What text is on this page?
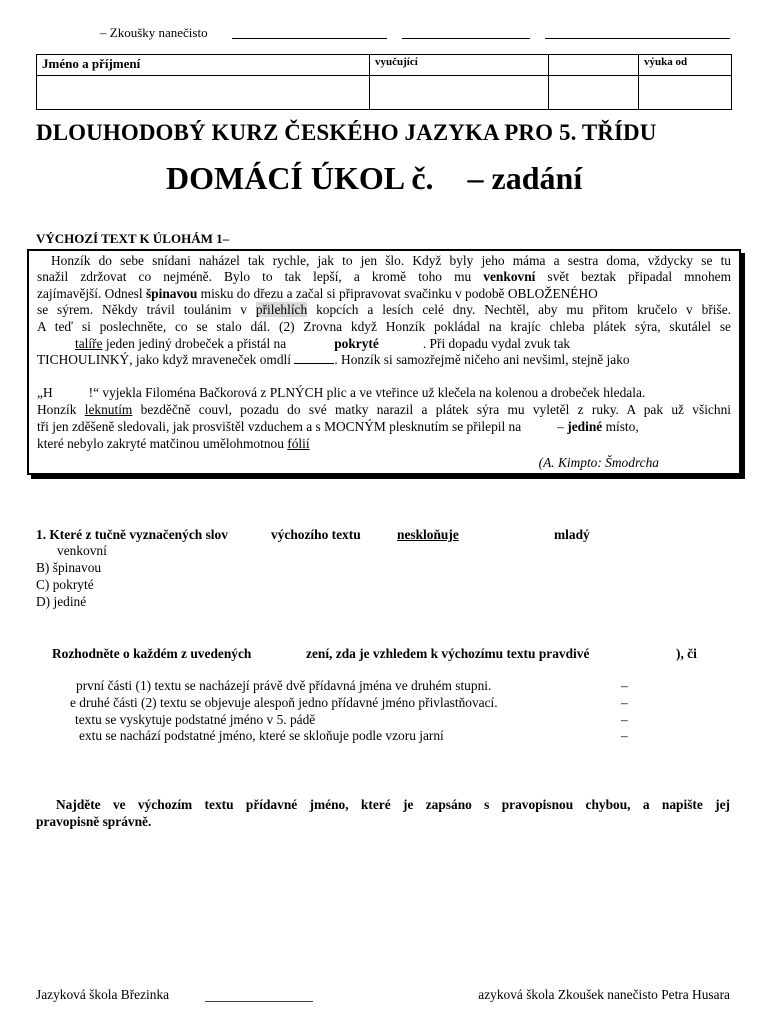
– Zkoušky nanečisto
Jméno a příjmení	vyučující		výuka od

DLOUHODOBÝ KURZ ČESKÉHO JAZYKA PRO 5. TŘÍDU
DOMÁCÍ ÚKOL č. – zadání
VÝCHOZÍ TEXT K ÚLOHÁM 1–
Honzík do sebe snídani naházel tak rychle, jak to jen šlo. Když byly jeho máma a sestra doma, vždycky se tu
snažil zdržovat co nejméně. Bylo to tak lepší, a kromě toho mu venkovní svět beztak připadal mnohem
zajímavější. Odnesl špinavou misku do dřezu a začal si připravovat svačinku v podobě OBLOŽENÉHO
se sýrem. Někdy trávil toulánim v přilehlích kopcích a lesích celé dny. Nechtěl, aby mu přitom kručelo v břiše.
A teď si poslechněte, co se stalo dál. (2) Zrovna když Honzík pokládal na krajíc chleba plátek sýra, skutálel se
talíře jeden jediný drobeček a přistál na	pokryté	. Při dopadu vydal zvuk tak
TICHOULINKÝ, jako když mravenеček omdlí	. Honzík si samozřejmě ničeho ani nevšiml, stejně jako
„H	!“ vyjekla Filoména Bačkorová z PLNÝCH plic a ve vteřince už klečela na kolenou a drobeček hledala.
Honzík leknutím bezděčně couvl, pozadu do své matky narazil a plátek sýra mu vyletěl z ruky. A pak už všichni
tři jen zděšeně sledovali, jak prosvištěl vzduchem a s MOCNÝM plesknutím se přilepil na	– jediné místo,
které nebylo zakryté matčinou umělohmotnou fólií
(A. Kimpto: Šmodrcha
1. Které z tučně vyznačených slov	výchozího textu	neskloňuje	mladý
venkovní
B) špinavou
C) pokryté
D) jediné
Rozhodněte o každém z uvedených	zení, zda je vzhledem k výchozímu textu pravdivé	), či
první části (1) textu se nacházejí právě dvě přídavná jména ve druhém stupni.	–
e druhé části (2) textu se objevuje alespoň jedno přídavné jméno přivlastňovací.	–
textu se vyskytuje podstatné jméno v 5. pádě	–
extu se nachází podstatné jméno, které se skloňuje podle vzoru jarní	–
Najděte ve výchozím textu přídavné jméno, které je zapsáno s pravopisnou chybou, a napište jej
pravopisně správně.
Jazyková škola Březinka	azyková škola Zkoušek nanečisto Petra Husara
